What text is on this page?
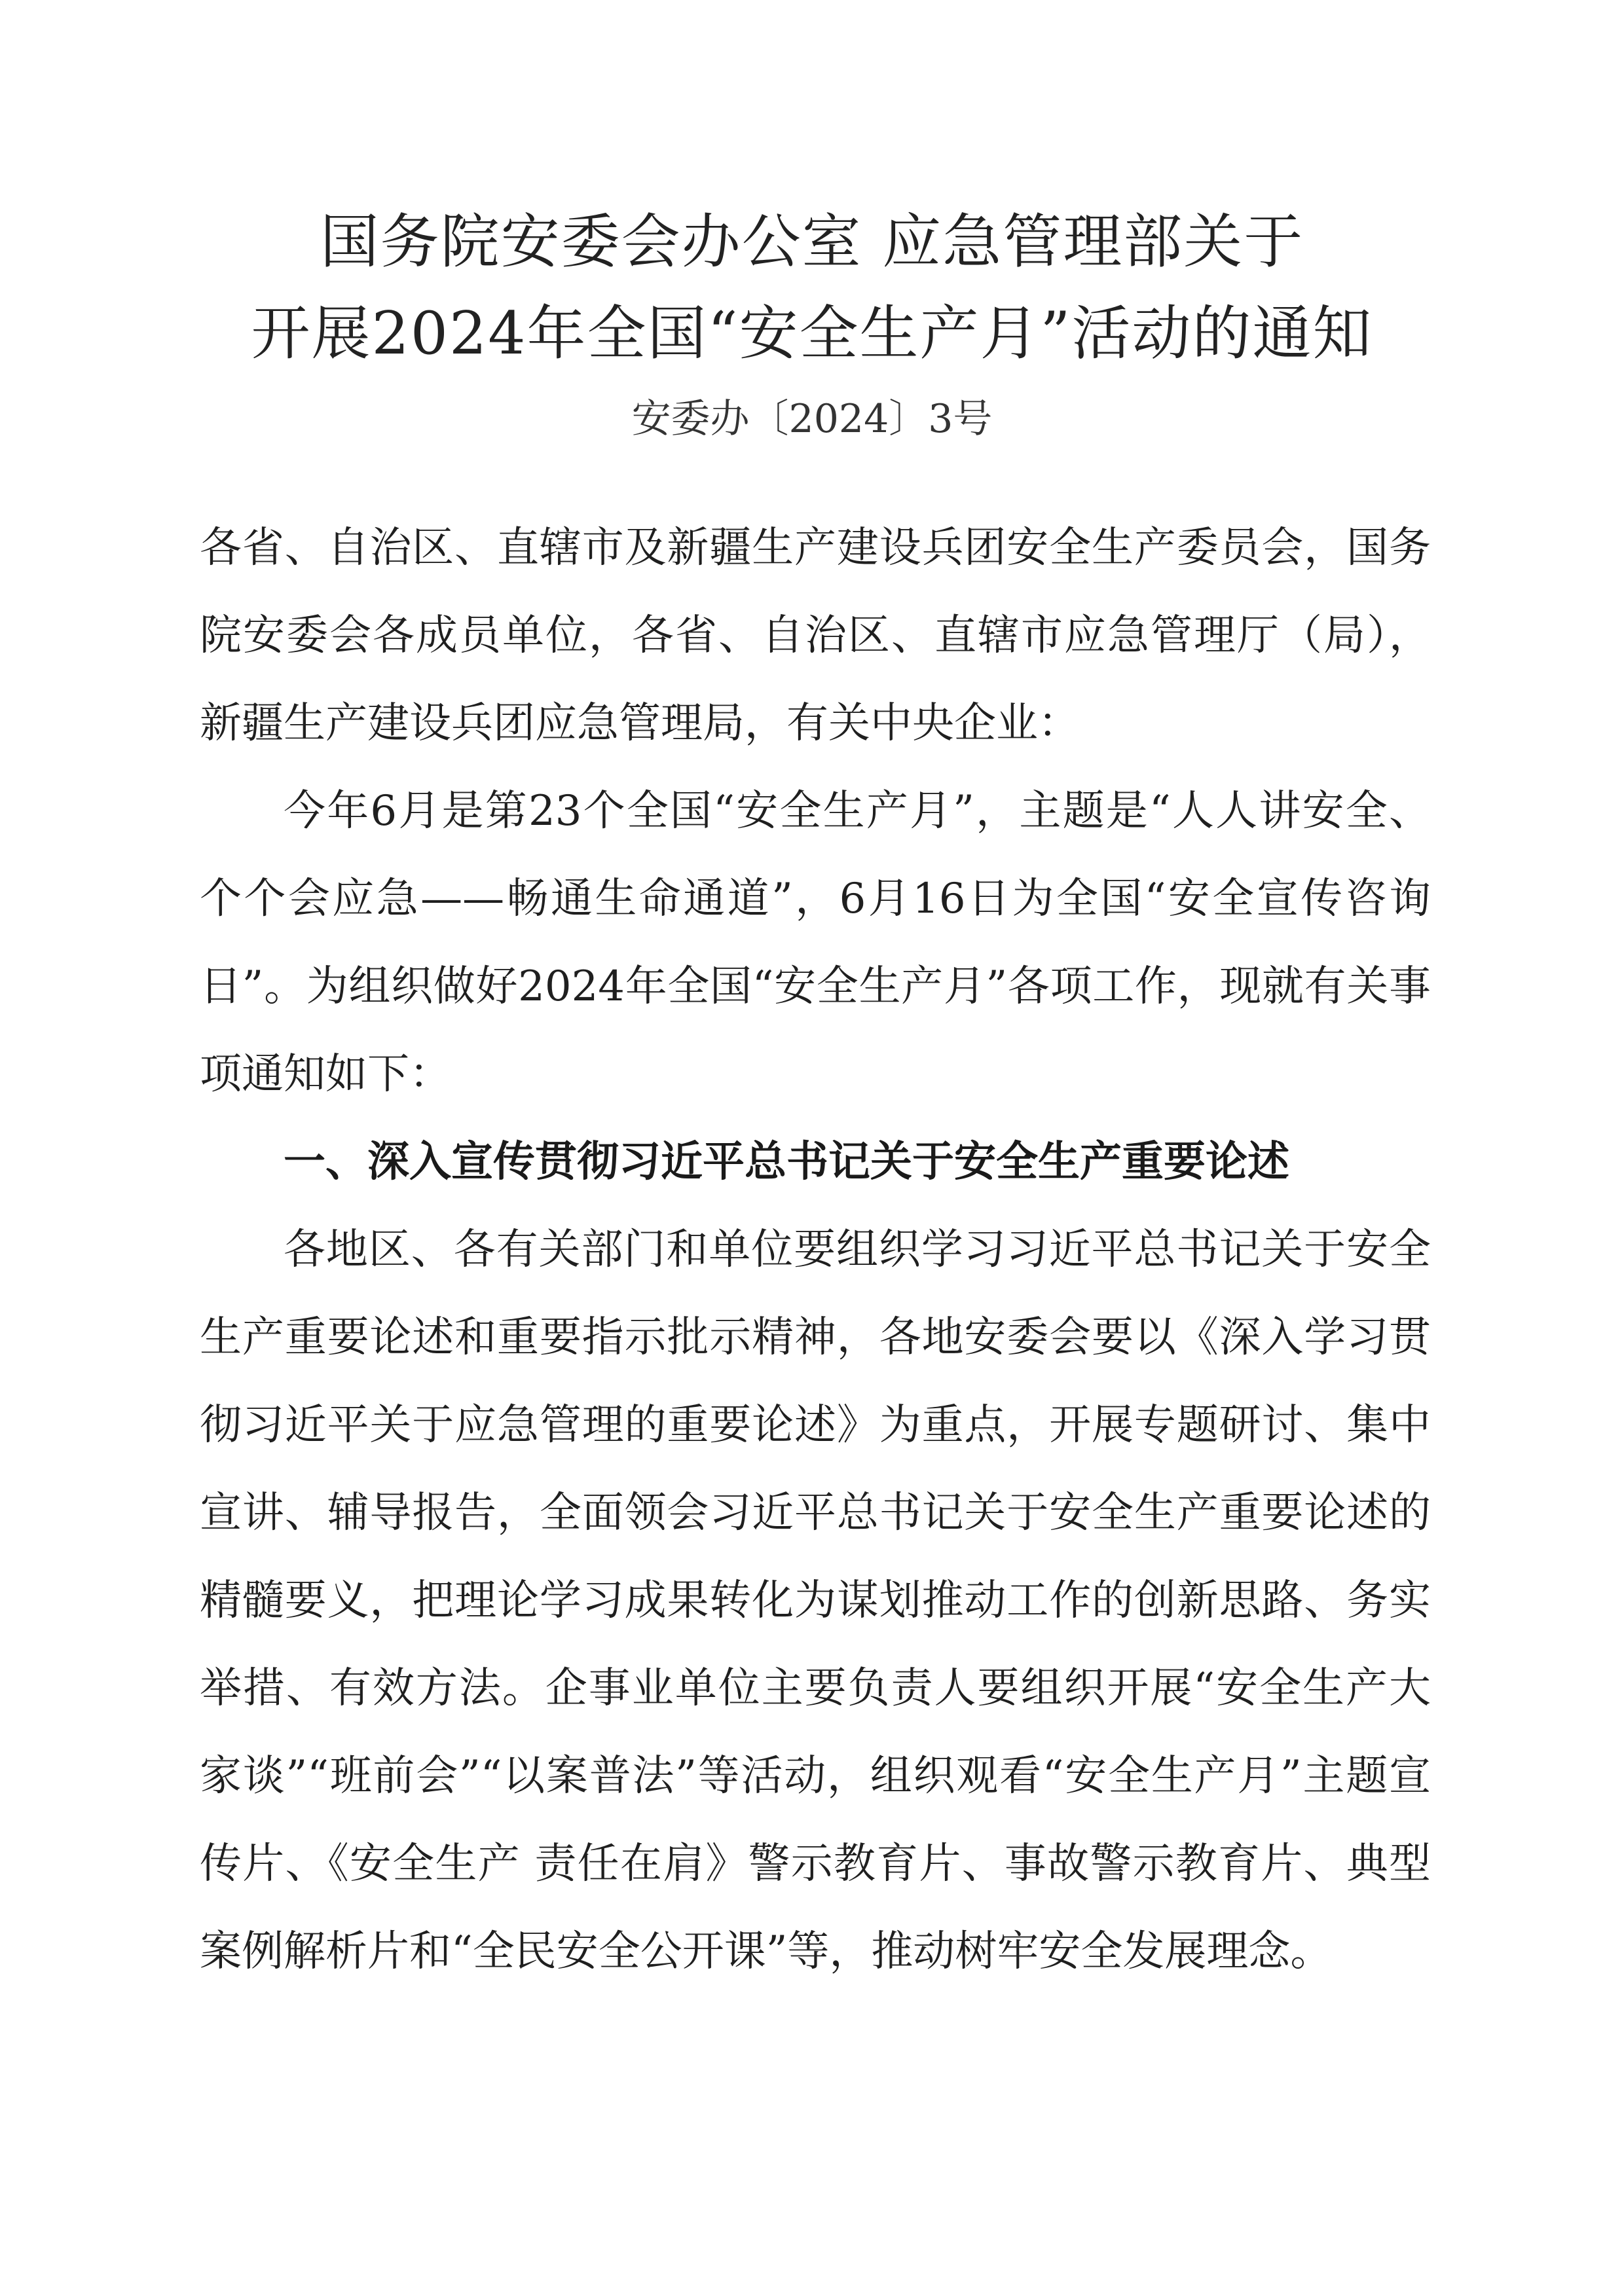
国务院安委会办公室 应急管理部关于
开展2024年全国“安全生产月”活动的通知
安委办〔2024〕3号

各省、自治区、直辖市及新疆生产建设兵团安全生产委员会，国务院安委会各成员单位，各省、自治区、直辖市应急管理厅（局），新疆生产建设兵团应急管理局，有关中央企业：

今年6月是第23个全国“安全生产月”，主题是“人人讲安全、个个会应急——畅通生命通道”，6月16日为全国“安全宣传咨询日”。为组织做好2024年全国“安全生产月”各项工作，现就有关事项通知如下：

一、深入宣传贯彻习近平总书记关于安全生产重要论述

各地区、各有关部门和单位要组织学习习近平总书记关于安全生产重要论述和重要指示批示精神，各地安委会要以《深入学习贯彻习近平关于应急管理的重要论述》为重点，开展专题研讨、集中宣讲、辅导报告，全面领会习近平总书记关于安全生产重要论述的精髓要义，把理论学习成果转化为谋划推动工作的创新思路、务实举措、有效方法。企事业单位主要负责人要组织开展“安全生产大家谈”“班前会”“以案普法”等活动，组织观看“安全生产月”主题宣传片、《安全生产 责任在肩》警示教育片、事故警示教育片、典型案例解析片和“全民安全公开课”等，推动树牢安全发展理念。
